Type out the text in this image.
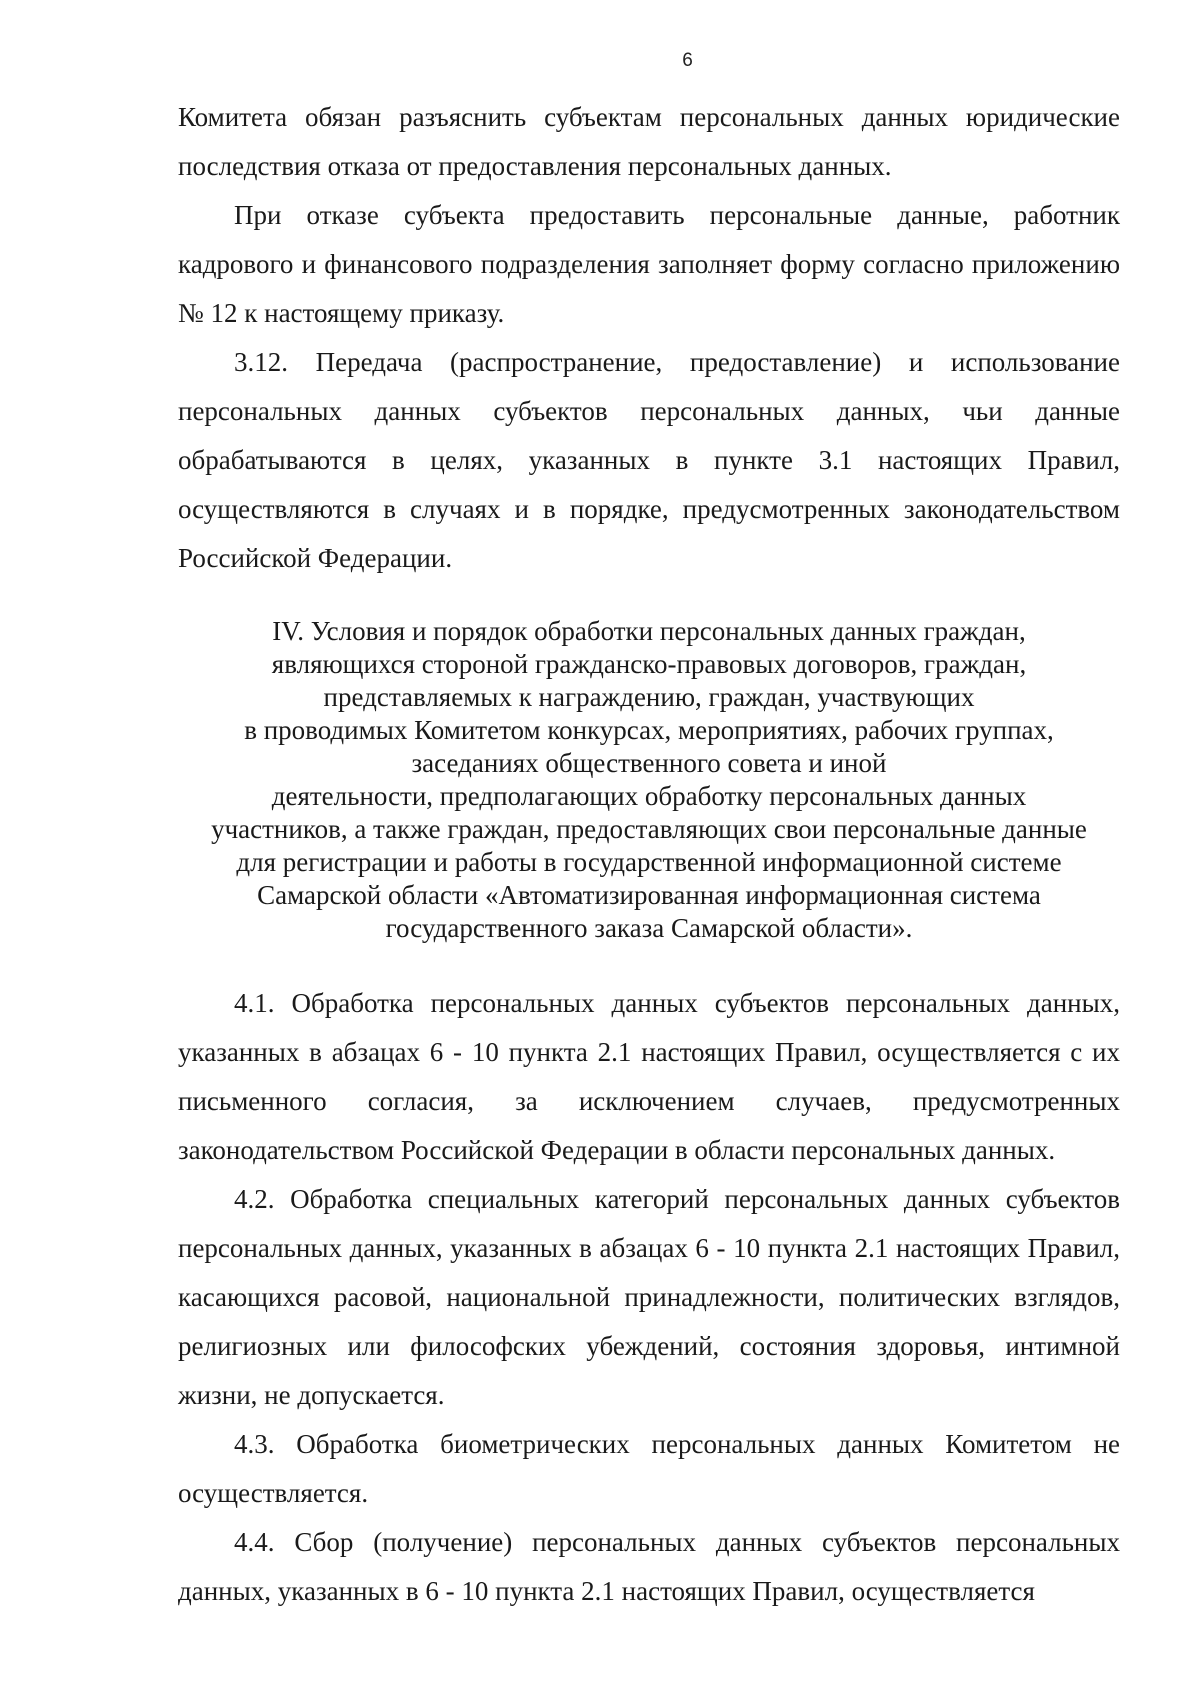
6

Комитета обязан разъяснить субъектам персональных данных юридические последствия отказа от предоставления персональных данных.

При отказе субъекта предоставить персональные данные, работник кадрового и финансового подразделения заполняет форму согласно приложению № 12 к настоящему приказу.

3.12. Передача (распространение, предоставление) и использование персональных данных субъектов персональных данных, чьи данные обрабатываются в целях, указанных в пункте 3.1 настоящих Правил, осуществляются в случаях и в порядке, предусмотренных законодательством Российской Федерации.

IV. Условия и порядок обработки персональных данных граждан,
являющихся стороной гражданско-правовых договоров, граждан,
представляемых к награждению, граждан, участвующих
в проводимых Комитетом конкурсах, мероприятиях, рабочих группах,
заседаниях общественного совета и иной
деятельности, предполагающих обработку персональных данных
участников, а также граждан, предоставляющих свои персональные данные
для регистрации и работы в государственной информационной системе
Самарской области «Автоматизированная информационная система
государственного заказа Самарской области».

4.1. Обработка персональных данных субъектов персональных данных, указанных в абзацах 6 - 10 пункта 2.1 настоящих Правил, осуществляется с их письменного согласия, за исключением случаев, предусмотренных законодательством Российской Федерации в области персональных данных.

4.2. Обработка специальных категорий персональных данных субъектов персональных данных, указанных в абзацах 6 - 10 пункта 2.1 настоящих Правил, касающихся расовой, национальной принадлежности, политических взглядов, религиозных или философских убеждений, состояния здоровья, интимной жизни, не допускается.

4.3. Обработка биометрических персональных данных Комитетом не осуществляется.

4.4. Сбор (получение) персональных данных субъектов персональных данных, указанных в 6 - 10 пункта 2.1 настоящих Правил, осуществляется
